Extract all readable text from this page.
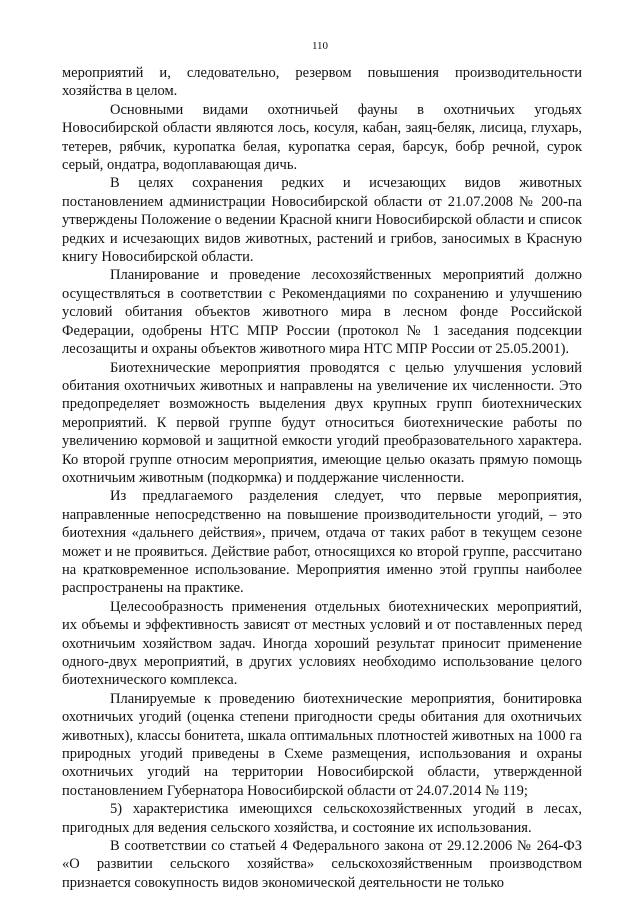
110

мероприятий и, следовательно, резервом повышения производительности хозяйства в целом.

Основными видами охотничьей фауны в охотничьих угодьях Новосибирской области являются лось, косуля, кабан, заяц-беляк, лисица, глухарь, тетерев, рябчик, куропатка белая, куропатка серая, барсук, бобр речной, сурок серый, ондатра, водоплавающая дичь.

В целях сохранения редких и исчезающих видов животных постановлением администрации Новосибирской области от 21.07.2008 № 200-па утверждены Положение о ведении Красной книги Новосибирской области и список редких и исчезающих видов животных, растений и грибов, заносимых в Красную книгу Новосибирской области.

Планирование и проведение лесохозяйственных мероприятий должно осуществляться в соответствии с Рекомендациями по сохранению и улучшению условий обитания объектов животного мира в лесном фонде Российской Федерации, одобрены НТС МПР России (протокол № 1 заседания подсекции лесозащиты и охраны объектов животного мира НТС МПР России от 25.05.2001).

Биотехнические мероприятия проводятся с целью улучшения условий обитания охотничьих животных и направлены на увеличение их численности. Это предопределяет возможность выделения двух крупных групп биотехнических мероприятий. К первой группе будут относиться биотехнические работы по увеличению кормовой и защитной емкости угодий преобразовательного характера. Ко второй группе относим мероприятия, имеющие целью оказать прямую помощь охотничьим животным (подкормка) и поддержание численности.

Из предлагаемого разделения следует, что первые мероприятия, направленные непосредственно на повышение производительности угодий, – это биотехния «дальнего действия», причем, отдача от таких работ в текущем сезоне может и не проявиться. Действие работ, относящихся ко второй группе, рассчитано на кратковременное использование. Мероприятия именно этой группы наиболее распространены на практике.

Целесообразность применения отдельных биотехнических мероприятий, их объемы и эффективность зависят от местных условий и от поставленных перед охотничьим хозяйством задач. Иногда хороший результат приносит применение одного-двух мероприятий, в других условиях необходимо использование целого биотехнического комплекса.

Планируемые к проведению биотехнические мероприятия, бонитировка охотничьих угодий (оценка степени пригодности среды обитания для охотничьих животных), классы бонитета, шкала оптимальных плотностей животных на 1000 га природных угодий приведены в Схеме размещения, использования и охраны охотничьих угодий на территории Новосибирской области, утвержденной постановлением Губернатора Новосибирской области от 24.07.2014 № 119;

5) характеристика имеющихся сельскохозяйственных угодий в лесах, пригодных для ведения сельского хозяйства, и состояние их использования.

В соответствии со статьей 4 Федерального закона от 29.12.2006 № 264-ФЗ «О развитии сельского хозяйства» сельскохозяйственным производством признается совокупность видов экономической деятельности не только
